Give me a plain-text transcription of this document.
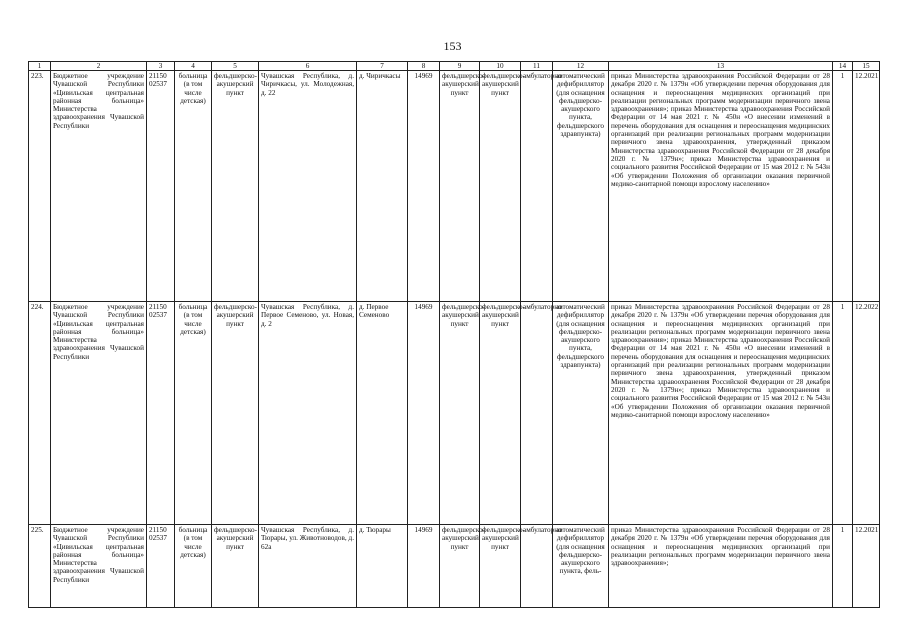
153
1	2	3	4	5	6	7	8	9	10	11	12	13	14	15
223.	Бюджетное учреждение Чувашской Республики «Цивильская центральная районная больница» Министерства здравоохранения Чувашской Республики	21150 02537	больница (в том числе детская)	фельдшерско-акушерский пункт	Чувашская Республика, д. Чиричкасы, ул. Молодежная, д. 22	д. Чиричкасы	14969	фельдшерско-акушерский пункт	фельдшерско-акушерский пункт	амбулаторно	автоматический дефибриллятор (для оснащения фельдшерско-акушерского пункта, фельдшерского здравпункта)	приказ Министерства здравоохранения Российской Федерации от 28 декабря 2020 г. № 1379н «Об утверждении перечня оборудования для оснащения и переоснащения медицинских организаций при реализации региональных программ модернизации первичного звена здравоохранения»; приказ Министерства здравоохранения Российской Федерации от 14 мая 2021 г. № 450н «О внесении изменений в перечень оборудования для оснащения и переоснащения медицинских организаций при реализации региональных программ модернизации первичного звена здравоохранения, утвержденный приказом Министерства здравоохранения Российской Федерации от 28 декабря 2020 г. № 1379н»; приказ Министерства здравоохранения и социального развития Российской Федерации от 15 мая 2012 г. № 543н «Об утверждении Положения об организации оказания первичной медико-санитарной помощи взрослому населению»	1	12.2021
224.	Бюджетное учреждение Чувашской Республики «Цивильская центральная районная больница» Министерства здравоохранения Чувашской Республики	21150 02537	больница (в том числе детская)	фельдшерско-акушерский пункт	Чувашская Республика, д. Первое Семеново, ул. Новая, д. 2	д. Первое Семеново	14969	фельдшерско-акушерский пункт	фельдшерско-акушерский пункт	амбулаторно	автоматический дефибриллятор (для оснащения фельдшерско-акушерского пункта, фельдшерского здравпункта)	приказ Министерства здравоохранения Российской Федерации от 28 декабря 2020 г. № 1379н «Об утверждении перечня оборудования для оснащения и переоснащения медицинских организаций при реализации региональных программ модернизации первичного звена здравоохранения»; приказ Министерства здравоохранения Российской Федерации от 14 мая 2021 г. № 450н «О внесении изменений в перечень оборудования для оснащения и переоснащения медицинских организаций при реализации региональных программ модернизации первичного звена здравоохранения, утвержденный приказом Министерства здравоохранения Российской Федерации от 28 декабря 2020 г. № 1379н»; приказ Министерства здравоохранения и социального развития Российской Федерации от 15 мая 2012 г. № 543н «Об утверждении Положения об организации оказания первичной медико-санитарной помощи взрослому населению»	1	12.2022
225.	Бюджетное учреждение Чувашской Республики «Цивильская центральная районная больница» Министерства здравоохранения Чувашской Республики	21150 02537	больница (в том числе детская)	фельдшерско-акушерский пункт	Чувашская Республика, д. Тюрары, ул. Животноводов, д. 62а	д. Тюрары	14969	фельдшерско-акушерский пункт	фельдшерско-акушерский пункт	амбулаторно	автоматический дефибриллятор (для оснащения фельдшерско-акушерского пункта, фель-	приказ Министерства здравоохранения Российской Федерации от 28 декабря 2020 г. № 1379н «Об утверждении перечня оборудования для оснащения и переоснащения медицинских организаций при реализации региональных программ модернизации первичного звена здравоохранения»;	1	12.2021
